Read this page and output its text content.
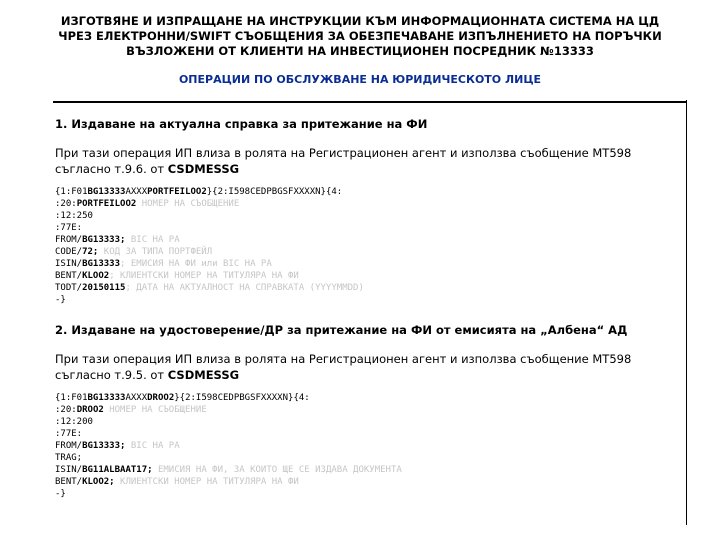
ИЗГОТВЯНЕ И ИЗПРАЩАНЕ НА ИНСТРУКЦИИ КЪМ ИНФОРМАЦИОННАТА СИСТЕМА НА ЦД
ЧРЕЗ ЕЛЕКТРОННИ/SWIFT СЪОБЩЕНИЯ ЗА ОБЕЗПЕЧАВАНЕ ИЗПЪЛНЕНИЕТО НА ПОРЪЧКИ
ВЪЗЛОЖЕНИ ОТ КЛИЕНТИ НА ИНВЕСТИЦИОНЕН ПОСРЕДНИК №13333
ОПЕРАЦИИ ПО ОБСЛУЖВАНЕ НА ЮРИДИЧЕСКОТО ЛИЦЕ

1. Издаване на актуална справка за притежание на ФИ

При тази операция ИП влиза в ролята на Регистрационен агент и използва съобщение МТ598
съгласно т.9.6. от CSDMESSG
{1:F01BG13333AXXXPORTFEILOO2}{2:I598CEDPBGSFXXXXN}{4:
:20:PORTFEILOO2 НОМЕР НА СЪОБЩЕНИЕ
:12:250
:77E:
FROM/BG13333; BIC НА РА
CODE/72; КОД ЗА ТИПА ПОРТФЕЙЛ
ISIN/BG13333; ЕМИСИЯ НА ФИ или BIC НА РА
BENT/KLOO2; КЛИЕНТСКИ НОМЕР НА ТИТУЛЯРА НА ФИ
TODT/20150115; ДАТА НА АКТУАЛНОСТ НА СПРАВКАТА (YYYYMMDD)
-}

2. Издаване на удостоверение/ДР за притежание на ФИ от емисията на „Албена“ АД

При тази операция ИП влиза в ролята на Регистрационен агент и използва съобщение МТ598
съгласно т.9.5. от CSDMESSG
{1:F01BG13333AXXXDROO2}{2:I598CEDPBGSFXXXXN}{4:
:20:DROO2 НОМЕР НА СЪОБЩЕНИЕ
:12:200
:77E:
FROM/BG13333; BIC НА РА
TRAG;
ISIN/BG11ALBAAT17; ЕМИСИЯ НА ФИ, ЗА КОИТО ЩЕ СЕ ИЗДАВА ДОКУМЕНТА
BENT/KLOO2; КЛИЕНТСКИ НОМЕР НА ТИТУЛЯРА НА ФИ
-}
